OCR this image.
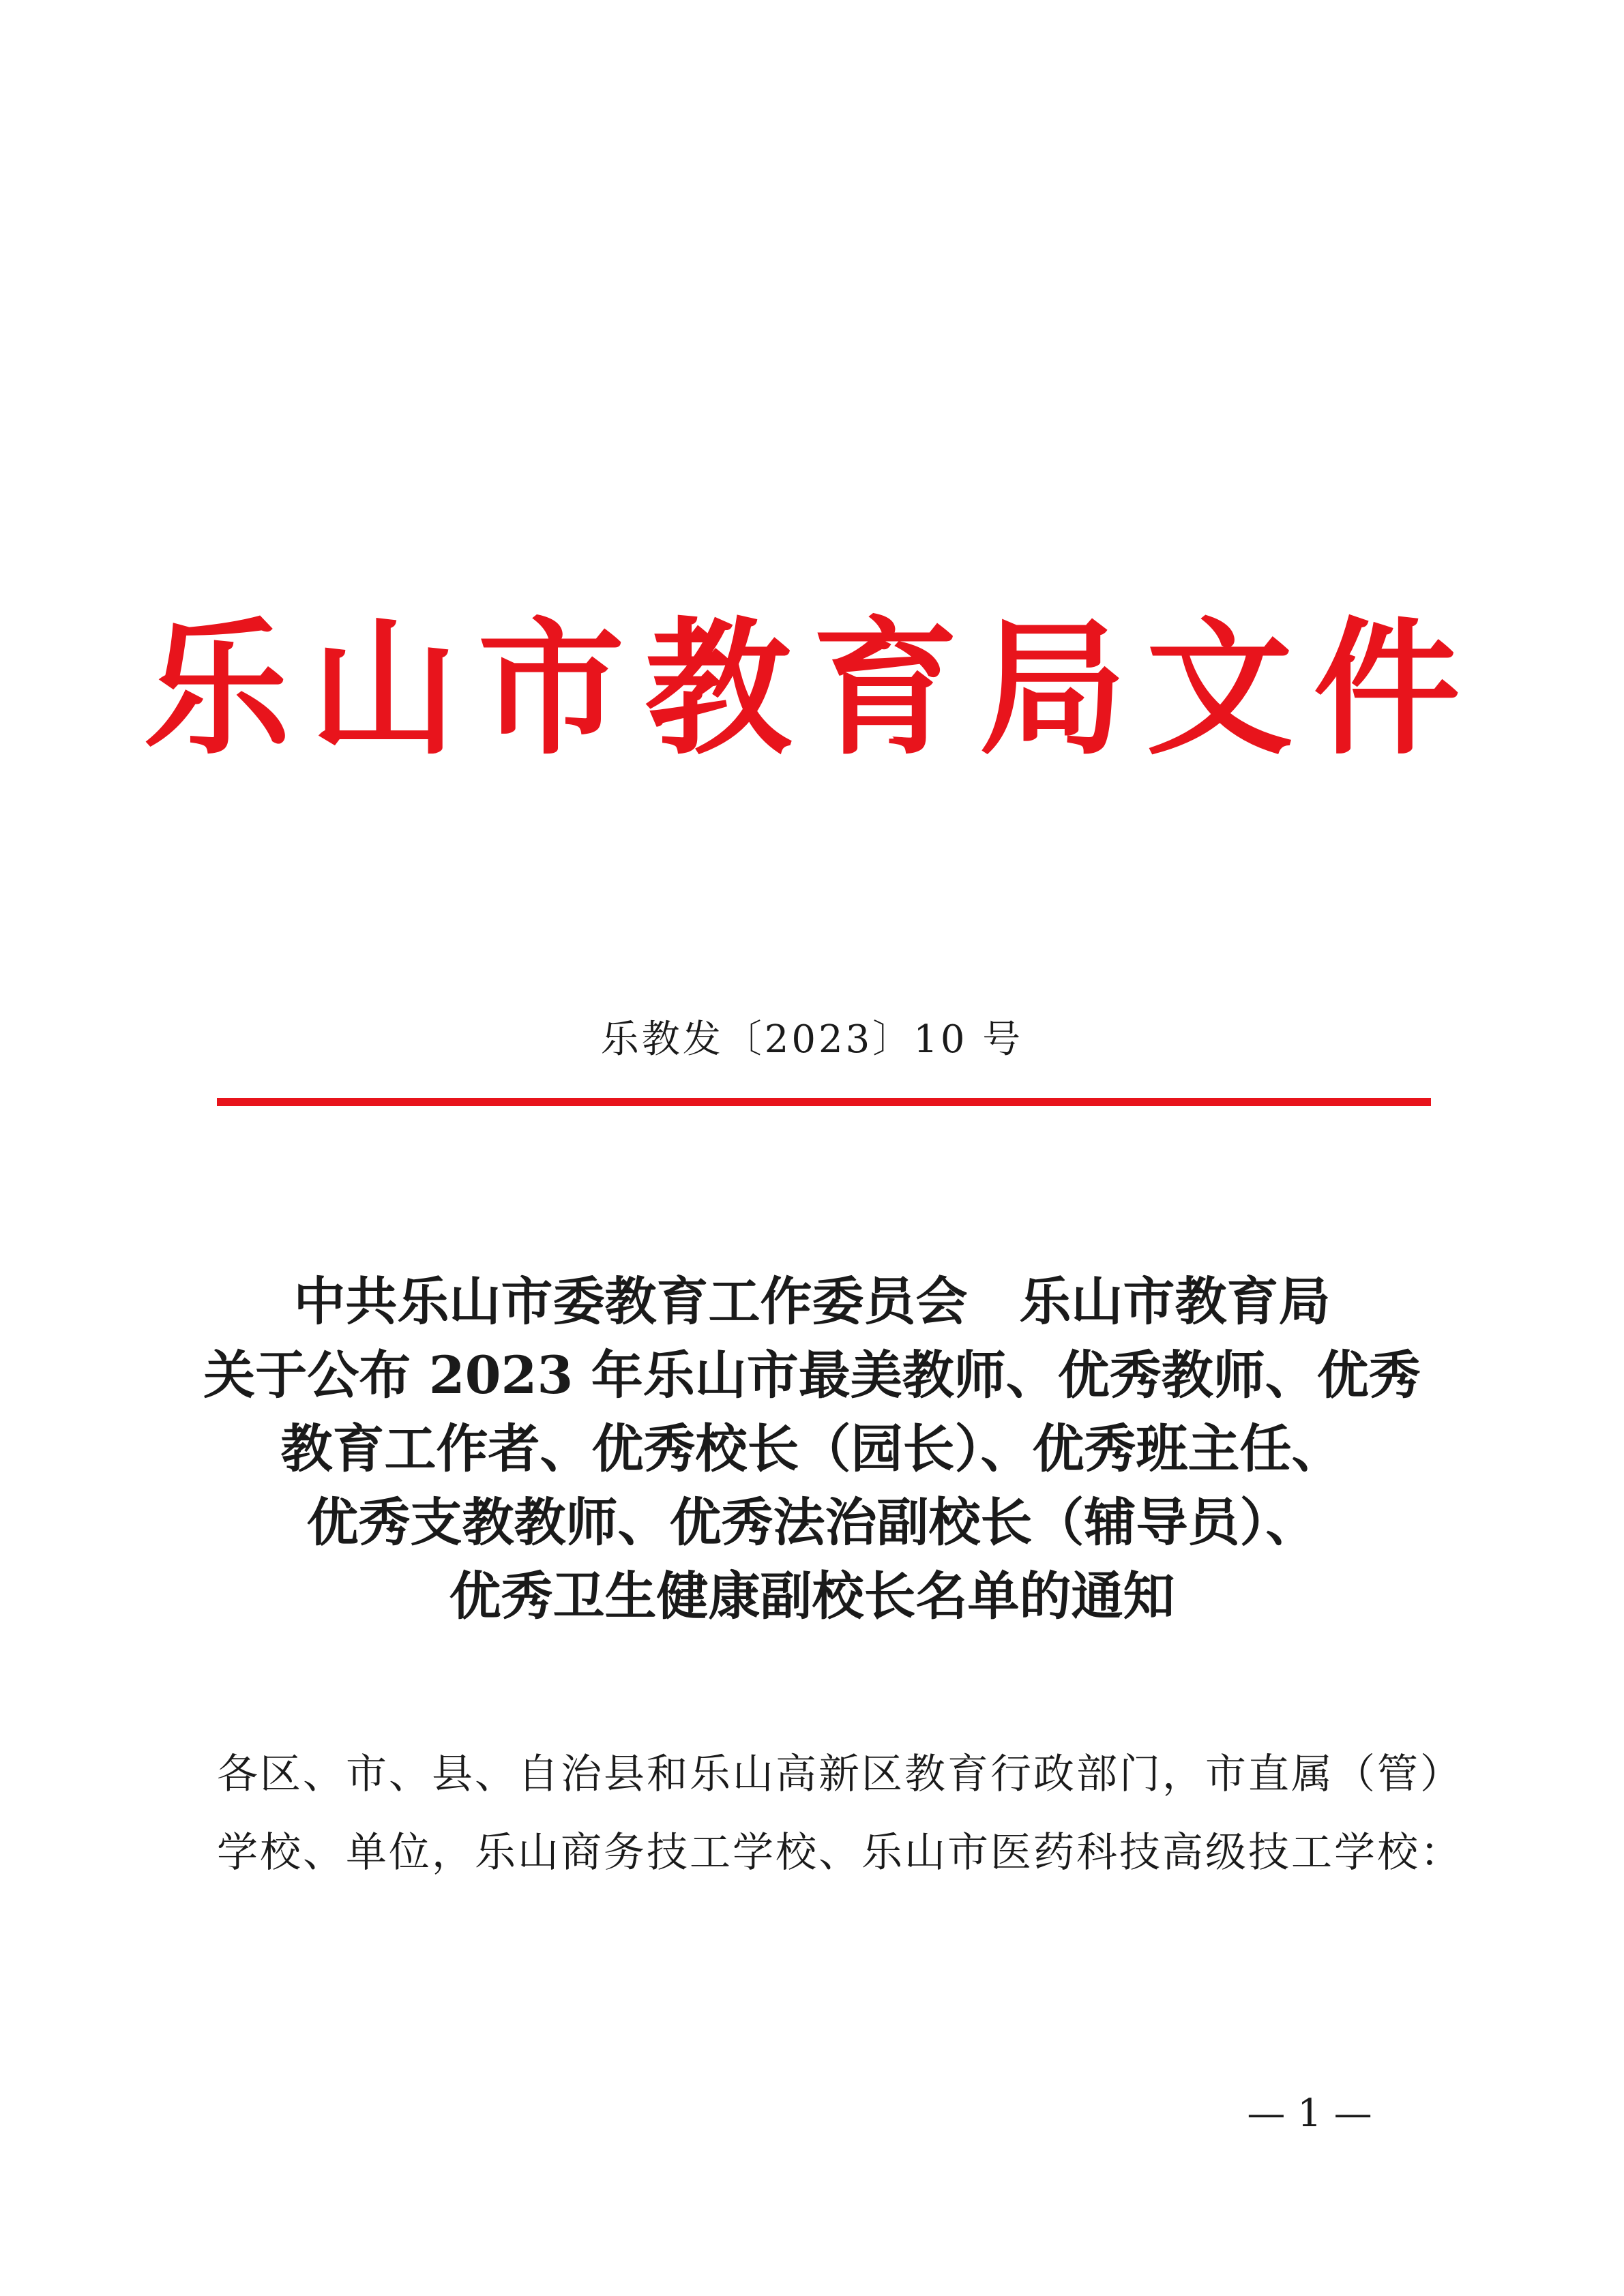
乐山市教育局文件
乐教发〔2023〕10 号
中共乐山市委教育工作委员会　乐山市教育局
关于公布 2023 年乐山市最美教师、优秀教师、优秀
教育工作者、优秀校长（园长）、优秀班主任、
优秀支教教师、优秀法治副校长（辅导员）、
优秀卫生健康副校长名单的通知
各区、市、县、自治县和乐山高新区教育行政部门，市直属（管）
学校、单位，乐山商务技工学校、乐山市医药科技高级技工学校：
— 1 —
